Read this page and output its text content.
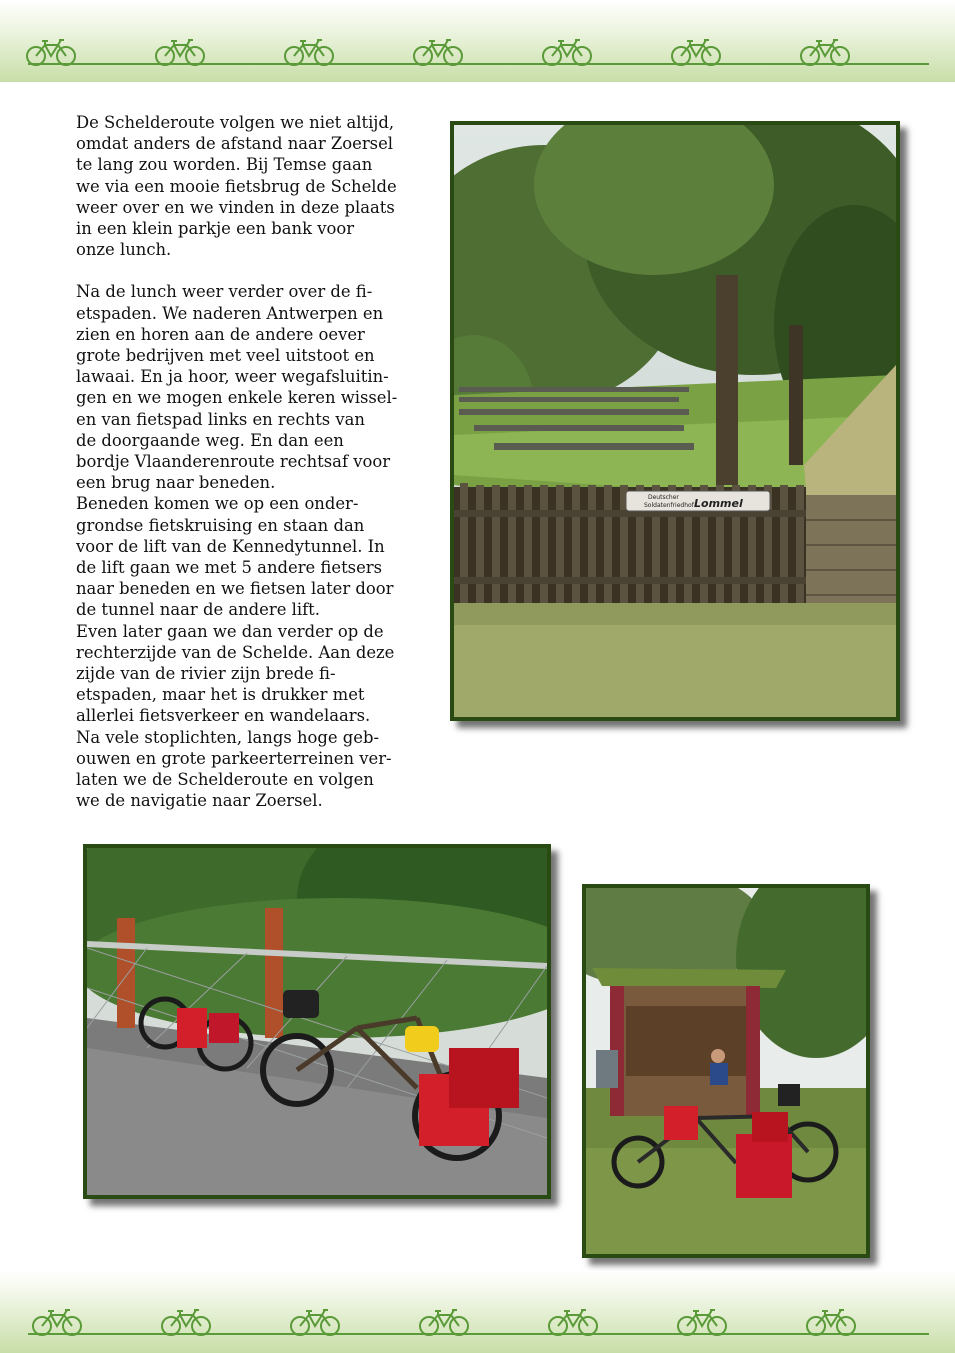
De Schelderoute volgen we niet altijd,
omdat anders de afstand naar Zoersel
te lang zou worden. Bij Temse gaan
we via een mooie fietsbrug de Schelde
weer over en we vinden in deze plaats
in een klein parkje een bank voor
onze lunch.

Na de lunch weer verder over de fi-
etspaden. We naderen Antwerpen en
zien en horen aan de andere oever
grote bedrijven met veel uitstoot en
lawaai. En ja hoor, weer wegafsluitin-
gen en we mogen enkele keren wissel-
en van fietspad links en rechts van
de doorgaande weg. En dan een
bordje Vlaanderenroute rechtsaf voor
een brug naar beneden.

Beneden komen we op een onder-
grondse fietskruising en staan dan
voor de lift van de Kennedytunnel. In
de lift gaan we met 5 andere fietsers
naar beneden en we fietsen later door
de tunnel naar de andere lift.

Even later gaan we dan verder op de
rechterzijde van de Schelde. Aan deze
zijde van de rivier zijn brede fi-
etspaden, maar het is drukker met
allerlei fietsverkeer en wandelaars.

Na vele stoplichten, langs hoge geb-
ouwen en grote parkeerterreinen ver-
laten we de Schelderoute en volgen
we de navigatie naar Zoersel.

Deutscher
Soldatenfriedhof Lommel
